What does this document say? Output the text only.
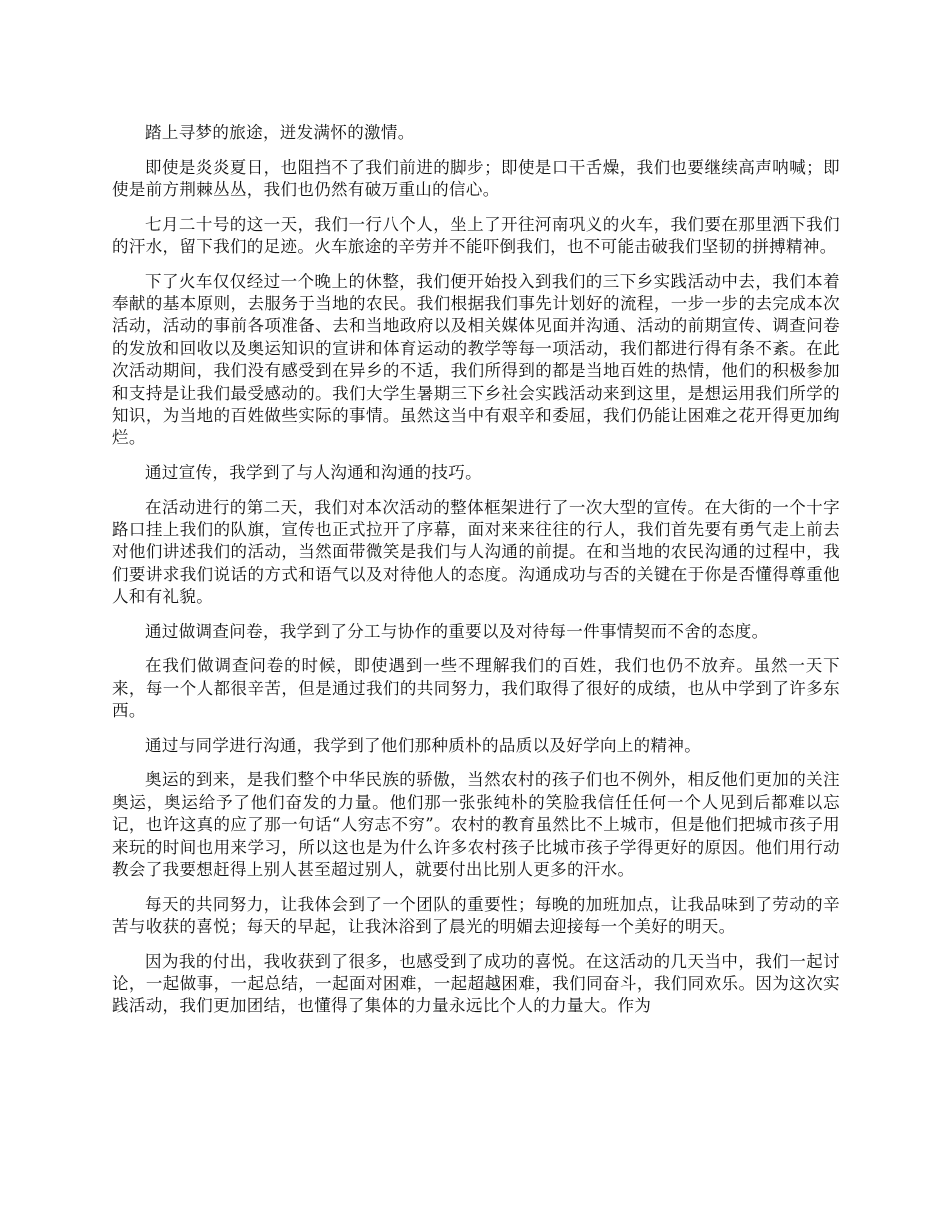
踏上寻梦的旅途，迸发满怀的激情。

即使是炎炎夏日，也阻挡不了我们前进的脚步；即使是口干舌燥，我们也要继续高声呐喊；即使是前方荆棘丛丛，我们也仍然有破万重山的信心。

七月二十号的这一天，我们一行八个人，坐上了开往河南巩义的火车，我们要在那里洒下我们的汗水，留下我们的足迹。火车旅途的辛劳并不能吓倒我们，也不可能击破我们坚韧的拼搏精神。

下了火车仅仅经过一个晚上的休整，我们便开始投入到我们的三下乡实践活动中去，我们本着奉献的基本原则，去服务于当地的农民。我们根据我们事先计划好的流程，一步一步的去完成本次活动，活动的事前各项准备、去和当地政府以及相关媒体见面并沟通、活动的前期宣传、调查问卷的发放和回收以及奥运知识的宣讲和体育运动的教学等每一项活动，我们都进行得有条不紊。在此次活动期间，我们没有感受到在异乡的不适，我们所得到的都是当地百姓的热情，他们的积极参加和支持是让我们最受感动的。我们大学生暑期三下乡社会实践活动来到这里，是想运用我们所学的知识，为当地的百姓做些实际的事情。虽然这当中有艰辛和委屈，我们仍能让困难之花开得更加绚烂。

通过宣传，我学到了与人沟通和沟通的技巧。

在活动进行的第二天，我们对本次活动的整体框架进行了一次大型的宣传。在大街的一个十字路口挂上我们的队旗，宣传也正式拉开了序幕，面对来来往往的行人，我们首先要有勇气走上前去对他们讲述我们的活动，当然面带微笑是我们与人沟通的前提。在和当地的农民沟通的过程中，我们要讲求我们说话的方式和语气以及对待他人的态度。沟通成功与否的关键在于你是否懂得尊重他人和有礼貌。

通过做调查问卷，我学到了分工与协作的重要以及对待每一件事情契而不舍的态度。

在我们做调查问卷的时候，即使遇到一些不理解我们的百姓，我们也仍不放弃。虽然一天下来，每一个人都很辛苦，但是通过我们的共同努力，我们取得了很好的成绩，也从中学到了许多东西。

通过与同学进行沟通，我学到了他们那种质朴的品质以及好学向上的精神。

奥运的到来，是我们整个中华民族的骄傲，当然农村的孩子们也不例外，相反他们更加的关注奥运，奥运给予了他们奋发的力量。他们那一张张纯朴的笑脸我信任任何一个人见到后都难以忘记，也许这真的应了那一句话“人穷志不穷”。农村的教育虽然比不上城市，但是他们把城市孩子用来玩的时间也用来学习，所以这也是为什么许多农村孩子比城市孩子学得更好的原因。他们用行动教会了我要想赶得上别人甚至超过别人，就要付出比别人更多的汗水。

每天的共同努力，让我体会到了一个团队的重要性；每晚的加班加点，让我品味到了劳动的辛苦与收获的喜悦；每天的早起，让我沐浴到了晨光的明媚去迎接每一个美好的明天。

因为我的付出，我收获到了很多，也感受到了成功的喜悦。在这活动的几天当中，我们一起讨论，一起做事，一起总结，一起面对困难，一起超越困难，我们同奋斗，我们同欢乐。因为这次实践活动，我们更加团结，也懂得了集体的力量永远比个人的力量大。作为
